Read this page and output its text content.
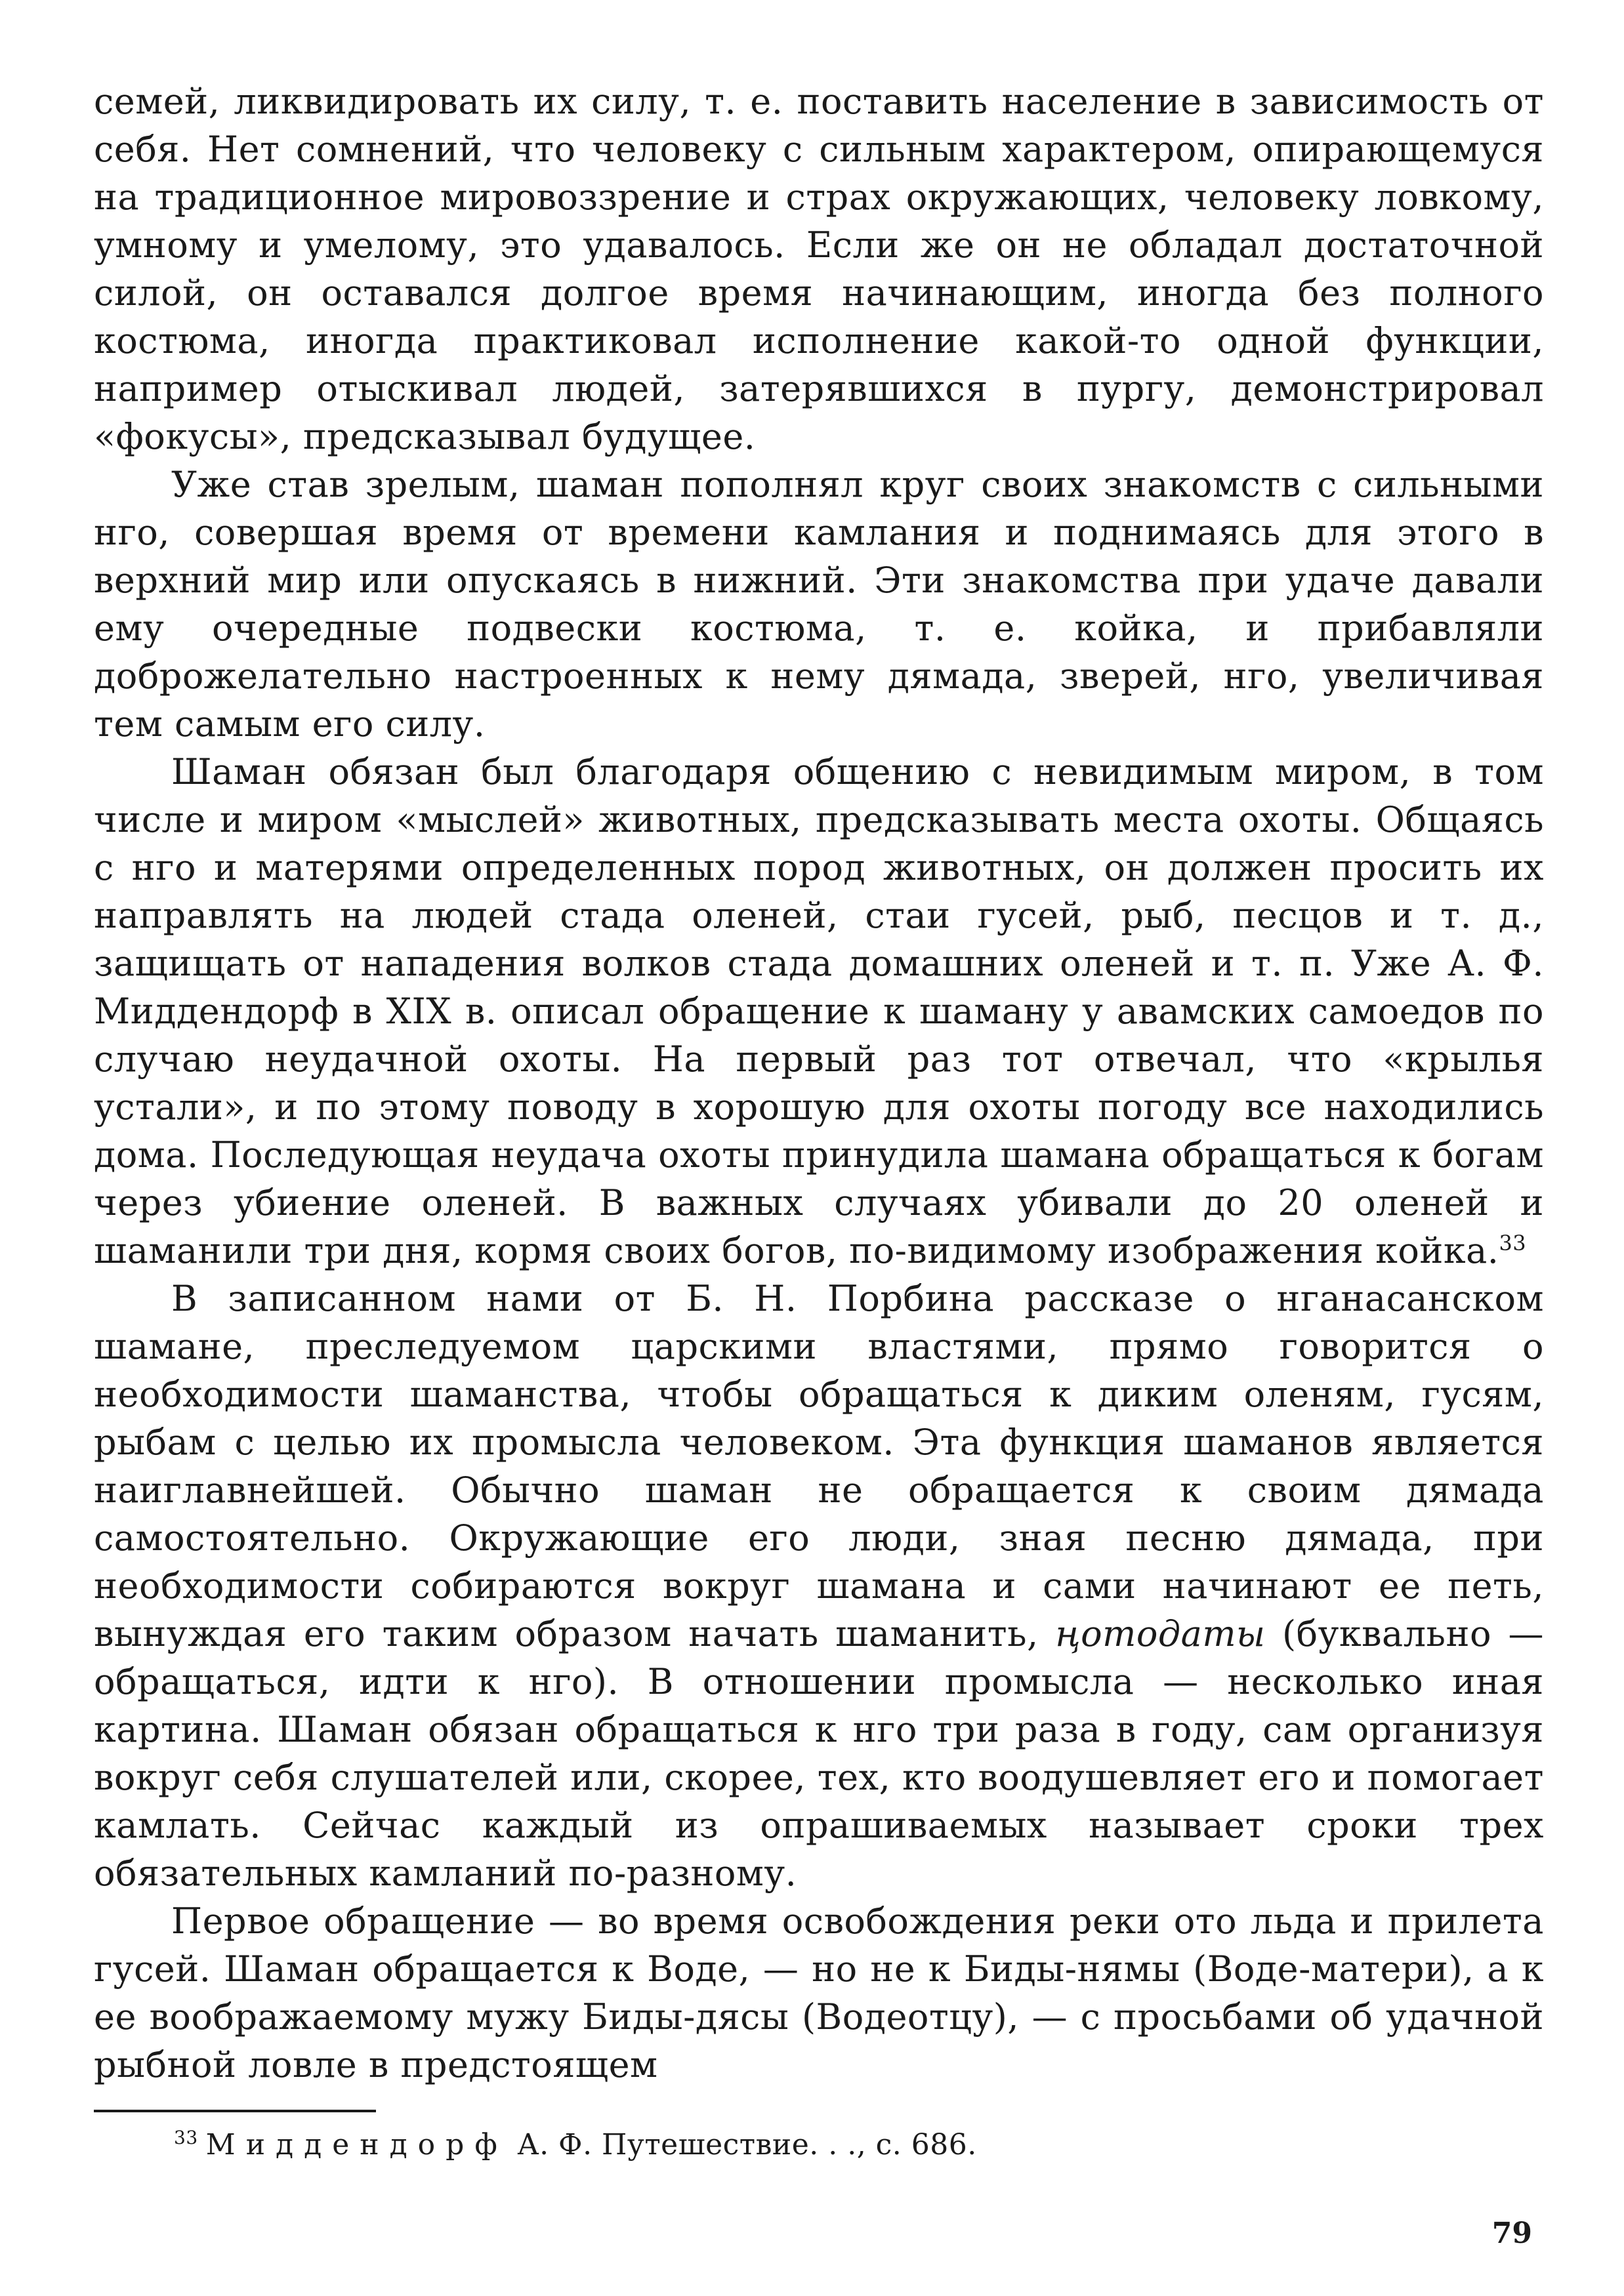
семей, ликвидировать их силу, т. е. поставить население в зависимость от себя. Нет сомнений, что человеку с сильным характером, опирающемуся на традиционное мировоззрение и страх окружающих, человеку ловкому, умному и умелому, это удавалось. Если же он не обладал достаточной силой, он оставался долгое время начинающим, иногда без полного костюма, иногда практиковал исполнение какой-то одной функции, например отыскивал людей, затерявшихся в пургу, демонстрировал «фокусы», предсказывал будущее.

Уже став зрелым, шаман пополнял круг своих знакомств с сильными нго, совершая время от времени камлания и поднимаясь для этого в верхний мир или опускаясь в нижний. Эти знакомства при удаче давали ему очередные подвески костюма, т. е. койка, и прибавляли доброжелательно настроенных к нему дямада, зверей, нго, увеличивая тем самым его силу.

Шаман обязан был благодаря общению с невидимым миром, в том числе и миром «мыслей» животных, предсказывать места охоты. Общаясь с нго и матерями определенных пород животных, он должен просить их направлять на людей стада оленей, стаи гусей, рыб, песцов и т. д., защищать от нападения волков стада домашних оленей и т. п. Уже А. Ф. Миддендорф в XIX в. описал обращение к шаману у авамских самоедов по случаю неудачной охоты. На первый раз тот отвечал, что «крылья устали», и по этому поводу в хорошую для охоты погоду все находились дома. Последующая неудача охоты принудила шамана обращаться к богам через убиение оленей. В важных случаях убивали до 20 оленей и шаманили три дня, кормя своих богов, по-видимому изображения койка.$^{33}$

В записанном нами от Б. Н. Порбина рассказе о нганасанском шамане, преследуемом царскими властями, прямо говорится о необходимости шаманства, чтобы обращаться к диким оленям, гусям, рыбам с целью их промысла человеком. Эта функция шаманов является наиглавнейшей. Обычно шаман не обращается к своим дямада самостоятельно. Окружающие его люди, зная песню дямада, при необходимости собираются вокруг шамана и сами начинают ее петь, вынуждая его таким образом начать шаманить, ңотодаты (буквально — обращаться, идти к нго). В отношении промысла — несколько иная картина. Шаман обязан обращаться к нго три раза в году, сам организуя вокруг себя слушателей или, скорее, тех, кто воодушевляет его и помогает камлать. Сейчас каждый из опрашиваемых называет сроки трех обязательных камланий по-разному.

Первое обращение — во время освобождения реки ото льда и прилета гусей. Шаман обращается к Воде, — но не к Биды-нямы (Воде-матери), а к ее воображаемому мужу Биды-дясы (Водеотцу), — с просьбами об удачной рыбной ловле в предстоящем

$^{33}$ Миддендорф А. Ф. Путешествие. . ., с. 686.
79
